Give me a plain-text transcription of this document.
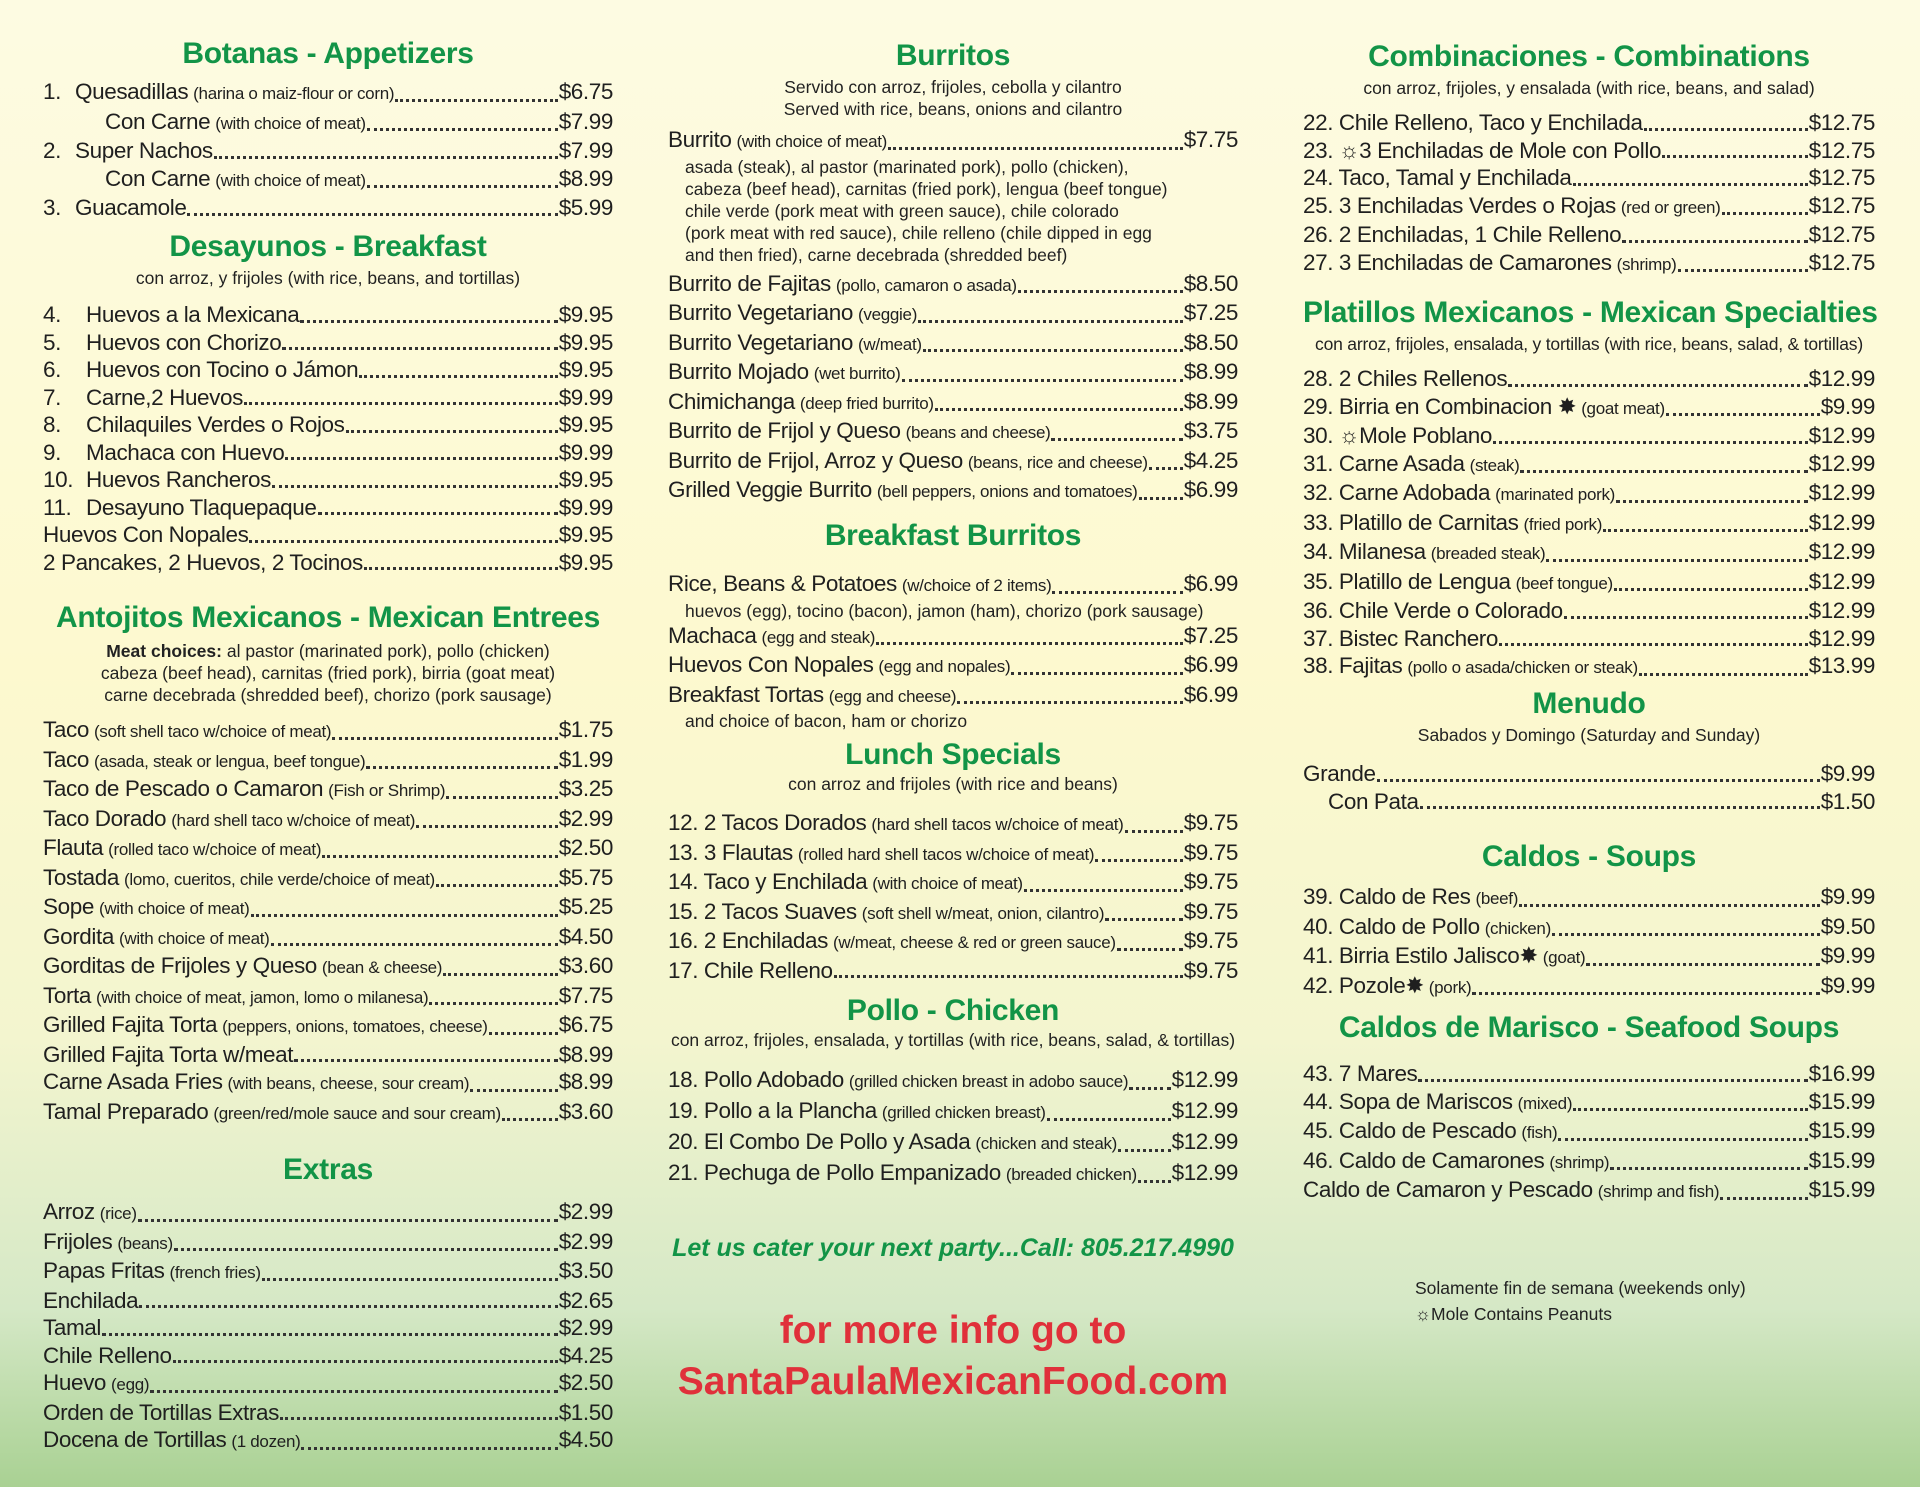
Botanas - Appetizers
1. Quesadillas (harina o maiz-flour or corn)	$6.75
Con Carne (with choice of meat)	$7.99
2. Super Nachos	$7.99
Con Carne (with choice of meat)	$8.99
3. Guacamole	$5.99
Desayunos - Breakfast
con arroz, y frijoles (with rice, beans, and tortillas)
4.	Huevos a la Mexicana	$9.95
5.	Huevos con Chorizo	$9.95
6.	Huevos con Tocino o Jámon	$9.95
7.	Carne,2 Huevos	$9.99
8.	Chilaquiles Verdes o Rojos	$9.95
9.	Machaca con Huevo	$9.99
10. Huevos Rancheros	$9.95
11. Desayuno Tlaquepaque	$9.99
Huevos Con Nopales	$9.95
2 Pancakes, 2 Huevos, 2 Tocinos	$9.95
Antojitos Mexicanos - Mexican Entrees
Meat choices: al pastor (marinated pork), pollo (chicken)
cabeza (beef head), carnitas (fried pork), birria (goat meat)
carne decebrada (shredded beef), chorizo (pork sausage)
Taco (soft shell taco w/choice of meat)	$1.75
Taco (asada, steak or lengua, beef tongue)	$1.99
Taco de Pescado o Camaron (Fish or Shrimp)	$3.25
Taco Dorado (hard shell taco w/choice of meat)	$2.99
Flauta (rolled taco w/choice of meat)	$2.50
Tostada (lomo, cueritos, chile verde/choice of meat)	$5.75
Sope (with choice of meat)	$5.25
Gordita (with choice of meat)	$4.50
Gorditas de Frijoles y Queso (bean & cheese)	$3.60
Torta (with choice of meat, jamon, lomo o milanesa)	$7.75
Grilled Fajita Torta (peppers, onions, tomatoes, cheese)	$6.75
Grilled Fajita Torta w/meat	$8.99
Carne Asada Fries (with beans, cheese, sour cream)	$8.99
Tamal Preparado (green/red/mole sauce and sour cream)	$3.60
Extras
Arroz (rice)	$2.99
Frijoles (beans)	$2.99
Papas Fritas (french fries)	$3.50
Enchilada	$2.65
Tamal	$2.99
Chile Relleno	$4.25
Huevo (egg)	$2.50
Orden de Tortillas Extras	$1.50
Docena de Tortillas (1 dozen)	$4.50
Burritos
Servido con arroz, frijoles, cebolla y cilantro
Served with rice, beans, onions and cilantro
Burrito (with choice of meat)	$7.75
asada (steak), al pastor (marinated pork), pollo (chicken),
cabeza (beef head), carnitas (fried pork), lengua (beef tongue)
chile verde (pork meat with green sauce), chile colorado
(pork meat with red sauce), chile relleno (chile dipped in egg
and then fried), carne decebrada (shredded beef)
Burrito de Fajitas (pollo, camaron o asada)	$8.50
Burrito Vegetariano (veggie)	$7.25
Burrito Vegetariano (w/meat)	$8.50
Burrito Mojado (wet burrito)	$8.99
Chimichanga (deep fried burrito)	$8.99
Burrito de Frijol y Queso (beans and cheese)	$3.75
Burrito de Frijol, Arroz y Queso (beans, rice and cheese) $4.25
Grilled Veggie Burrito (bell peppers, onions and tomatoes) $6.99
Breakfast Burritos
Rice, Beans & Potatoes (w/choice of 2 items)	$6.99
huevos (egg), tocino (bacon), jamon (ham), chorizo (pork sausage)
Machaca (egg and steak)	$7.25
Huevos Con Nopales (egg and nopales)	$6.99
Breakfast Tortas (egg and cheese)	$6.99
and choice of bacon, ham or chorizo
Lunch Specials
con arroz and frijoles (with rice and beans)
12. 2 Tacos Dorados (hard shell tacos w/choice of meat)	$9.75
13. 3 Flautas (rolled hard shell tacos w/choice of meat)	$9.75
14. Taco y Enchilada (with choice of meat)	$9.75
15. 2 Tacos Suaves (soft shell w/meat, onion, cilantro)	$9.75
16. 2 Enchiladas (w/meat, cheese & red or green sauce)	$9.75
17. Chile Relleno	$9.75
Pollo - Chicken
con arroz, frijoles, ensalada, y tortillas (with rice, beans, salad, & tortillas)
18. Pollo Adobado (grilled chicken breast in adobo sauce) $12.99
19. Pollo a la Plancha (grilled chicken breast)	$12.99
20. El Combo De Pollo y Asada (chicken and steak) $12.99
21. Pechuga de Pollo Empanizado (breaded chicken) $12.99
Let us cater your next party...Call: 805.217.4990
for more info go to
SantaPaulaMexicanFood.com
Combinaciones - Combinations
con arroz, frijoles, y ensalada (with rice, beans, and salad)
22. Chile Relleno, Taco y Enchilada	$12.75
23. ☼3 Enchiladas de Mole con Pollo	$12.75
24. Taco, Tamal y Enchilada	$12.75
25. 3 Enchiladas Verdes o Rojas (red or green)	$12.75
26. 2 Enchiladas, 1 Chile Relleno	$12.75
27. 3 Enchiladas de Camarones (shrimp)	$12.75
Platillos Mexicanos - Mexican Specialties
con arroz, frijoles, ensalada, y tortillas (with rice, beans, salad, & tortillas)
28. 2 Chiles Rellenos	$12.99
29. Birria en Combinacion ✸ (goat meat)	$9.99
30. ☼Mole Poblano	$12.99
31. Carne Asada (steak)	$12.99
32. Carne Adobada (marinated pork)	$12.99
33. Platillo de Carnitas (fried pork)	$12.99
34. Milanesa (breaded steak)	$12.99
35. Platillo de Lengua (beef tongue)	$12.99
36. Chile Verde o Colorado	$12.99
37. Bistec Ranchero	$12.99
38. Fajitas (pollo o asada/chicken or steak)	$13.99
Menudo
Sabados y Domingo (Saturday and Sunday)
Grande	$9.99
Con Pata	$1.50
Caldos - Soups
39. Caldo de Res (beef)	$9.99
40. Caldo de Pollo (chicken)	$9.50
41. Birria Estilo Jalisco✸ (goat)	$9.99
42. Pozole✸ (pork)	$9.99
Caldos de Marisco - Seafood Soups
43. 7 Mares	$16.99
44. Sopa de Mariscos (mixed)	$15.99
45. Caldo de Pescado (fish)	$15.99
46. Caldo de Camarones (shrimp)	$15.99
Caldo de Camaron y Pescado (shrimp and fish)	$15.99
Solamente fin de semana (weekends only)
☼Mole Contains Peanuts
